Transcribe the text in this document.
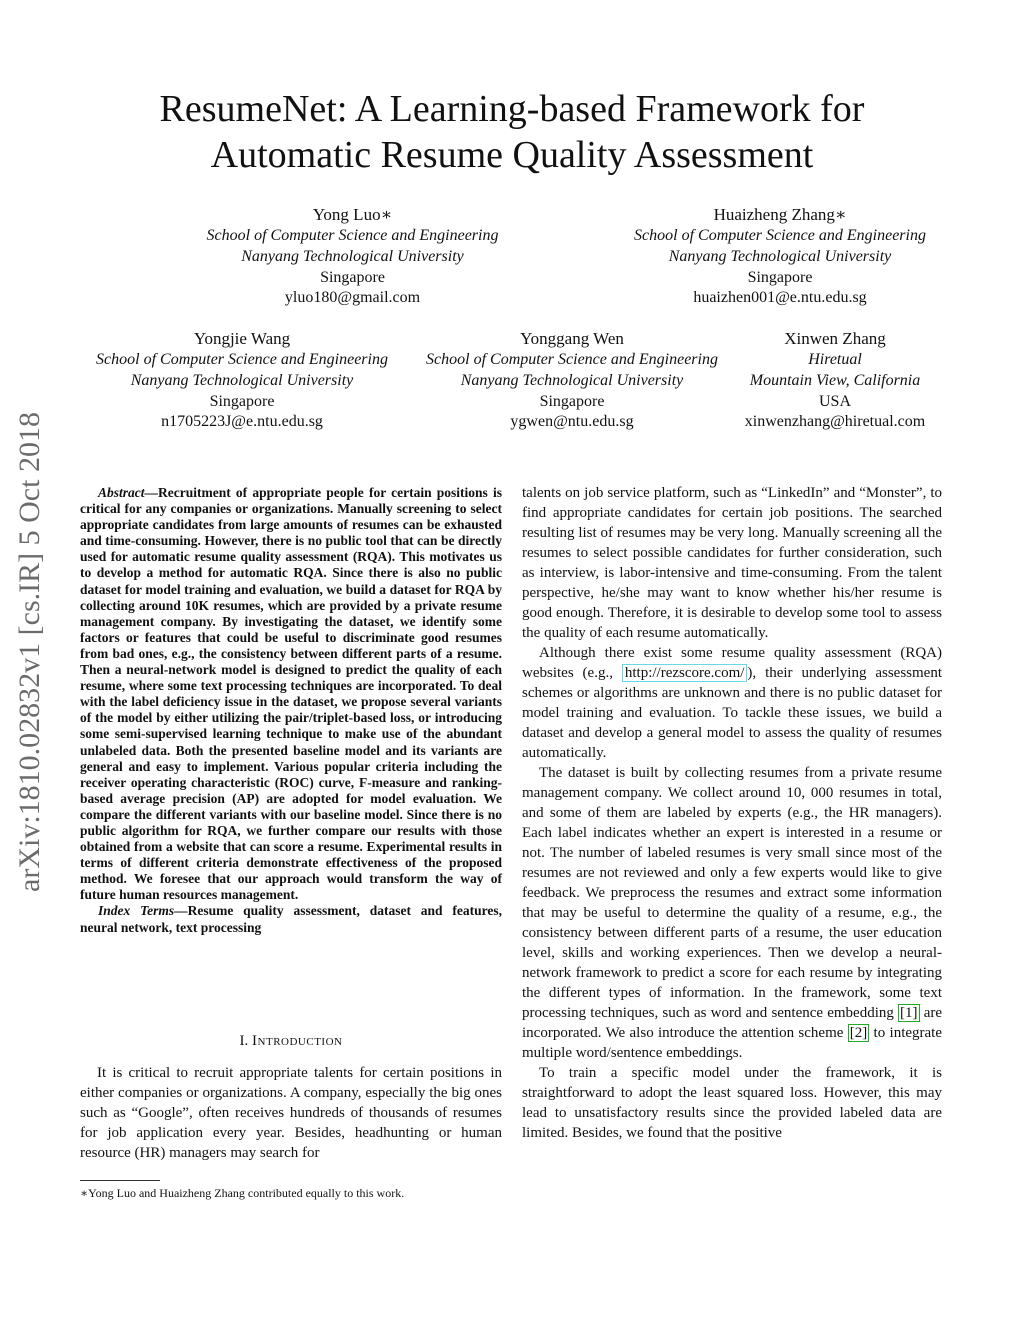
ResumeNet: A Learning-based Framework for
Automatic Resume Quality Assessment
Yong Luo∗
School of Computer Science and Engineering
Nanyang Technological University
Singapore
yluo180@gmail.com
Huaizheng Zhang∗
School of Computer Science and Engineering
Nanyang Technological University
Singapore
huaizhen001@e.ntu.edu.sg
Yongjie Wang
School of Computer Science and Engineering
Nanyang Technological University
Singapore
n1705223J@e.ntu.edu.sg
Yonggang Wen
School of Computer Science and Engineering
Nanyang Technological University
Singapore
ygwen@ntu.edu.sg
Xinwen Zhang
Hiretual
Mountain View, California
USA
xinwenzhang@hiretual.com
arXiv:1810.02832v1 [cs.IR] 5 Oct 2018	Abstract—Recruitment of appropriate people for certain positions is critical for any companies or organizations. Manually screening to select appropriate candidates from large amounts of resumes can be exhausted and time-consuming. However, there is no public tool that can be directly used for automatic resume quality assessment (RQA). This motivates us to develop a method for automatic RQA. Since there is also no public dataset for model training and evaluation, we build a dataset for RQA by collecting around 10K resumes, which are provided by a private resume management company. By investigating the dataset, we identify some factors or features that could be useful to discriminate good resumes from bad ones, e.g., the consistency between different parts of a resume. Then a neural-network model is designed to predict the quality of each resume, where some text processing techniques are incorporated. To deal with the label deficiency issue in the dataset, we propose several variants of the model by either utilizing the pair/triplet-based loss, or introducing some semi-supervised learning technique to make use of the abundant unlabeled data. Both the presented baseline model and its variants are general and easy to implement. Various popular criteria including the receiver operating characteristic (ROC) curve, F-measure and ranking-based average precision (AP) are adopted for model evaluation. We compare the different variants with our baseline model. Since there is no public algorithm for RQA, we further compare our results with those obtained from a website that can score a resume. Experimental results in terms of different criteria demonstrate effectiveness of the proposed method. We foresee that our approach would transform the way of future human resources management.

Index Terms—Resume quality assessment, dataset and features, neural network, text processing

I. Introduction

It is critical to recruit appropriate talents for certain positions in either companies or organizations. A company, especially the big ones such as “Google”, often receives hundreds of thousands of resumes for job application every year. Besides, headhunting or human resource (HR) managers may search for

∗Yong Luo and Huaizheng Zhang contributed equally to this work.

talents on job service platform, such as “LinkedIn” and “Monster”, to find appropriate candidates for certain job positions. The searched resulting list of resumes may be very long. Manually screening all the resumes to select possible candidates for further consideration, such as interview, is labor-intensive and time-consuming. From the talent perspective, he/she may want to know whether his/her resume is good enough. Therefore, it is desirable to develop some tool to assess the quality of each resume automatically.

Although there exist some resume quality assessment (RQA) websites (e.g., http://rezscore.com/ ), their underlying assessment schemes or algorithms are unknown and there is no public dataset for model training and evaluation. To tackle these issues, we build a dataset and develop a general model to assess the quality of resumes automatically.

The dataset is built by collecting resumes from a private resume management company. We collect around 10, 000 resumes in total, and some of them are labeled by experts (e.g., the HR managers). Each label indicates whether an expert is interested in a resume or not. The number of labeled resumes is very small since most of the resumes are not reviewed and only a few experts would like to give feedback. We preprocess the resumes and extract some information that may be useful to determine the quality of a resume, e.g., the consistency between different parts of a resume, the user education level, skills and working experiences. Then we develop a neural-network framework to predict a score for each resume by integrating the different types of information. In the framework, some text processing techniques, such as word and sentence embedding [1] are incorporated. We also introduce the attention scheme [2] to integrate multiple word/sentence embeddings.

To train a specific model under the framework, it is straightforward to adopt the least squared loss. However, this may lead to unsatisfactory results since the provided labeled data are limited. Besides, we found that the positive
